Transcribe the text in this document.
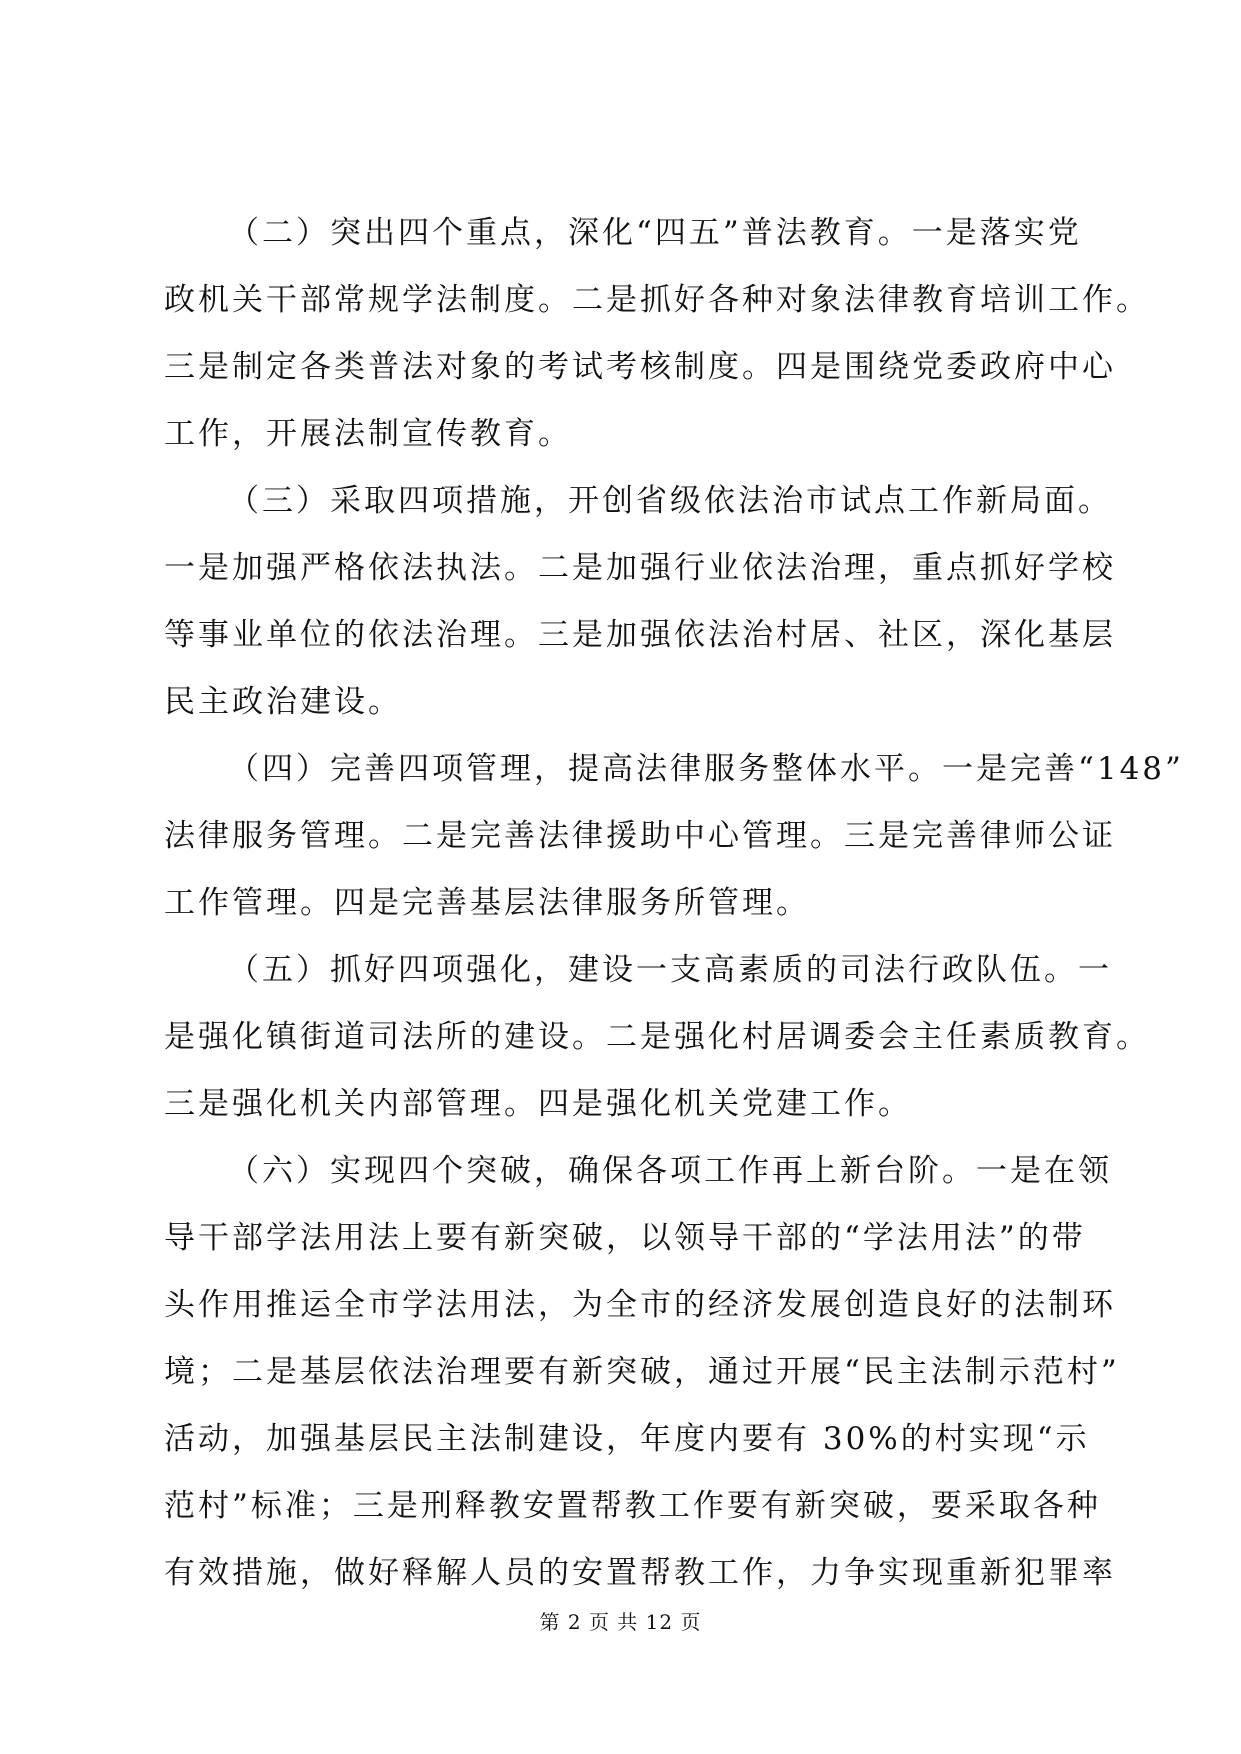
（二）突出四个重点，深化“四五”普法教育。一是落实党
政机关干部常规学法制度。二是抓好各种对象法律教育培训工作。
三是制定各类普法对象的考试考核制度。四是围绕党委政府中心
工作，开展法制宣传教育。
（三）采取四项措施，开创省级依法治市试点工作新局面。
一是加强严格依法执法。二是加强行业依法治理，重点抓好学校
等事业单位的依法治理。三是加强依法治村居、社区，深化基层
民主政治建设。
（四）完善四项管理，提高法律服务整体水平。一是完善“148”
法律服务管理。二是完善法律援助中心管理。三是完善律师公证
工作管理。四是完善基层法律服务所管理。
（五）抓好四项强化，建设一支高素质的司法行政队伍。一
是强化镇街道司法所的建设。二是强化村居调委会主任素质教育。
三是强化机关内部管理。四是强化机关党建工作。
（六）实现四个突破，确保各项工作再上新台阶。一是在领
导干部学法用法上要有新突破，以领导干部的“学法用法”的带
头作用推运全市学法用法，为全市的经济发展创造良好的法制环
境；二是基层依法治理要有新突破，通过开展“民主法制示范村”
活动，加强基层民主法制建设，年度内要有 30%的村实现“示
范村”标准；三是刑释教安置帮教工作要有新突破，要采取各种
有效措施，做好释解人员的安置帮教工作，力争实现重新犯罪率
第 2 页 共 12 页
